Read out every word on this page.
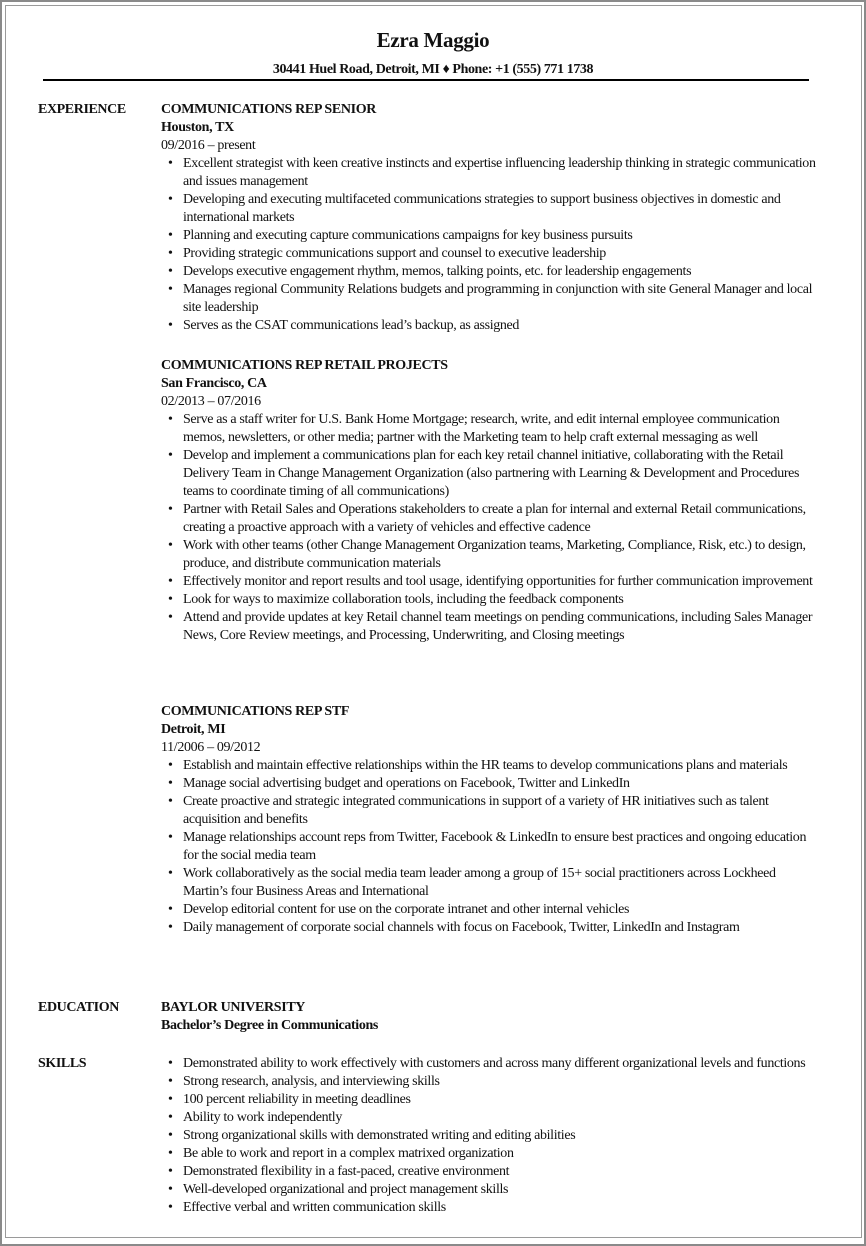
Ezra Maggio
30441 Huel Road, Detroit, MI ♦ Phone: +1 (555) 771 1738
EXPERIENCE	COMMUNICATIONS REP SENIOR
Houston, TX
09/2016 – present
• Excellent strategist with keen creative instincts and expertise influencing leadership thinking in strategic communication and issues management
• Developing and executing multifaceted communications strategies to support business objectives in domestic and international markets
• Planning and executing capture communications campaigns for key business pursuits
• Providing strategic communications support and counsel to executive leadership
• Develops executive engagement rhythm, memos, talking points, etc. for leadership engagements
• Manages regional Community Relations budgets and programming in conjunction with site General Manager and local site leadership
• Serves as the CSAT communications lead’s backup, as assigned
COMMUNICATIONS REP RETAIL PROJECTS
San Francisco, CA
02/2013 – 07/2016
• Serve as a staff writer for U.S. Bank Home Mortgage; research, write, and edit internal employee communication memos, newsletters, or other media; partner with the Marketing team to help craft external messaging as well
• Develop and implement a communications plan for each key retail channel initiative, collaborating with the Retail Delivery Team in Change Management Organization (also partnering with Learning & Development and Procedures teams to coordinate timing of all communications)
• Partner with Retail Sales and Operations stakeholders to create a plan for internal and external Retail communications, creating a proactive approach with a variety of vehicles and effective cadence
• Work with other teams (other Change Management Organization teams, Marketing, Compliance, Risk, etc.) to design, produce, and distribute communication materials
• Effectively monitor and report results and tool usage, identifying opportunities for further communication improvement
• Look for ways to maximize collaboration tools, including the feedback components
• Attend and provide updates at key Retail channel team meetings on pending communications, including Sales Manager News, Core Review meetings, and Processing, Underwriting, and Closing meetings
COMMUNICATIONS REP STF
Detroit, MI
11/2006 – 09/2012
• Establish and maintain effective relationships within the HR teams to develop communications plans and materials
• Manage social advertising budget and operations on Facebook, Twitter and LinkedIn
• Create proactive and strategic integrated communications in support of a variety of HR initiatives such as talent acquisition and benefits
• Manage relationships account reps from Twitter, Facebook & LinkedIn to ensure best practices and ongoing education for the social media team
• Work collaboratively as the social media team leader among a group of 15+ social practitioners across Lockheed Martin’s four Business Areas and International
• Develop editorial content for use on the corporate intranet and other internal vehicles
• Daily management of corporate social channels with focus on Facebook, Twitter, LinkedIn and Instagram
EDUCATION	BAYLOR UNIVERSITY
Bachelor’s Degree in Communications
SKILLS	• Demonstrated ability to work effectively with customers and across many different organizational levels and functions
• Strong research, analysis, and interviewing skills
• 100 percent reliability in meeting deadlines
• Ability to work independently
• Strong organizational skills with demonstrated writing and editing abilities
• Be able to work and report in a complex matrixed organization
• Demonstrated flexibility in a fast-paced, creative environment
• Well-developed organizational and project management skills
• Effective verbal and written communication skills
